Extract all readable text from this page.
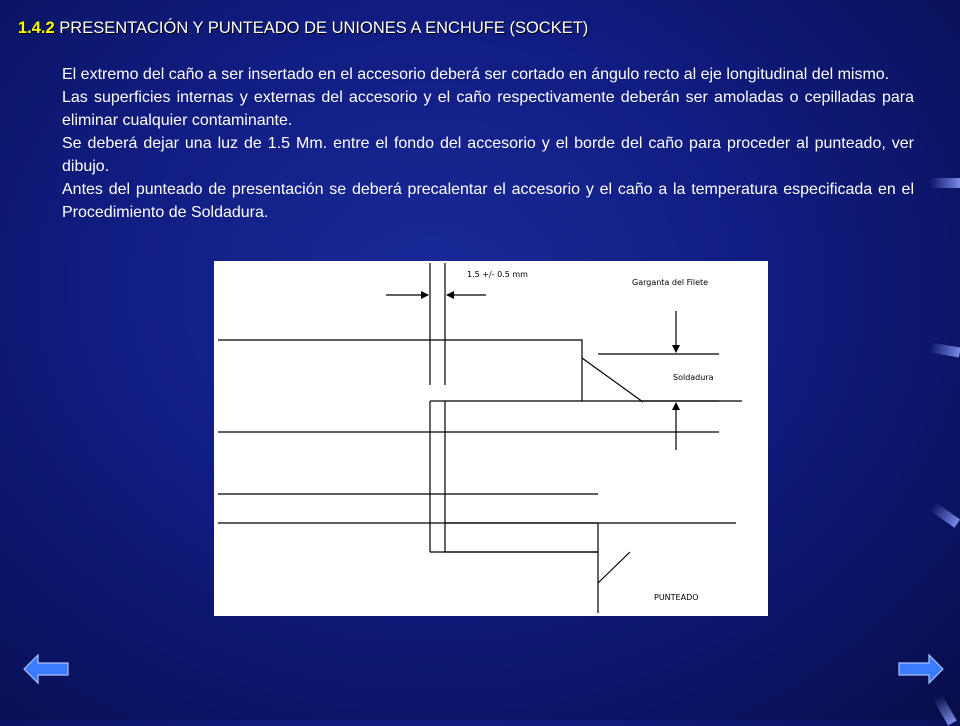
1.4.2 PRESENTACIÓN Y PUNTEADO DE UNIONES A ENCHUFE (SOCKET)

El extremo del caño a ser insertado en el accesorio deberá ser cortado en ángulo recto al eje longitudinal del mismo.

Las superficies internas y externas del accesorio y el caño respectivamente deberán ser amoladas o cepilladas para eliminar cualquier contaminante.

Se deberá dejar una luz de 1.5 Mm. entre el fondo del accesorio y el borde del caño para proceder al punteado, ver dibujo.

Antes del punteado de presentación se deberá precalentar el accesorio y el caño a la temperatura especificada en el Procedimiento de Soldadura.

1.5 +/- 0.5 mm
Garganta del Filete
Soldadura
PUNTEADO
